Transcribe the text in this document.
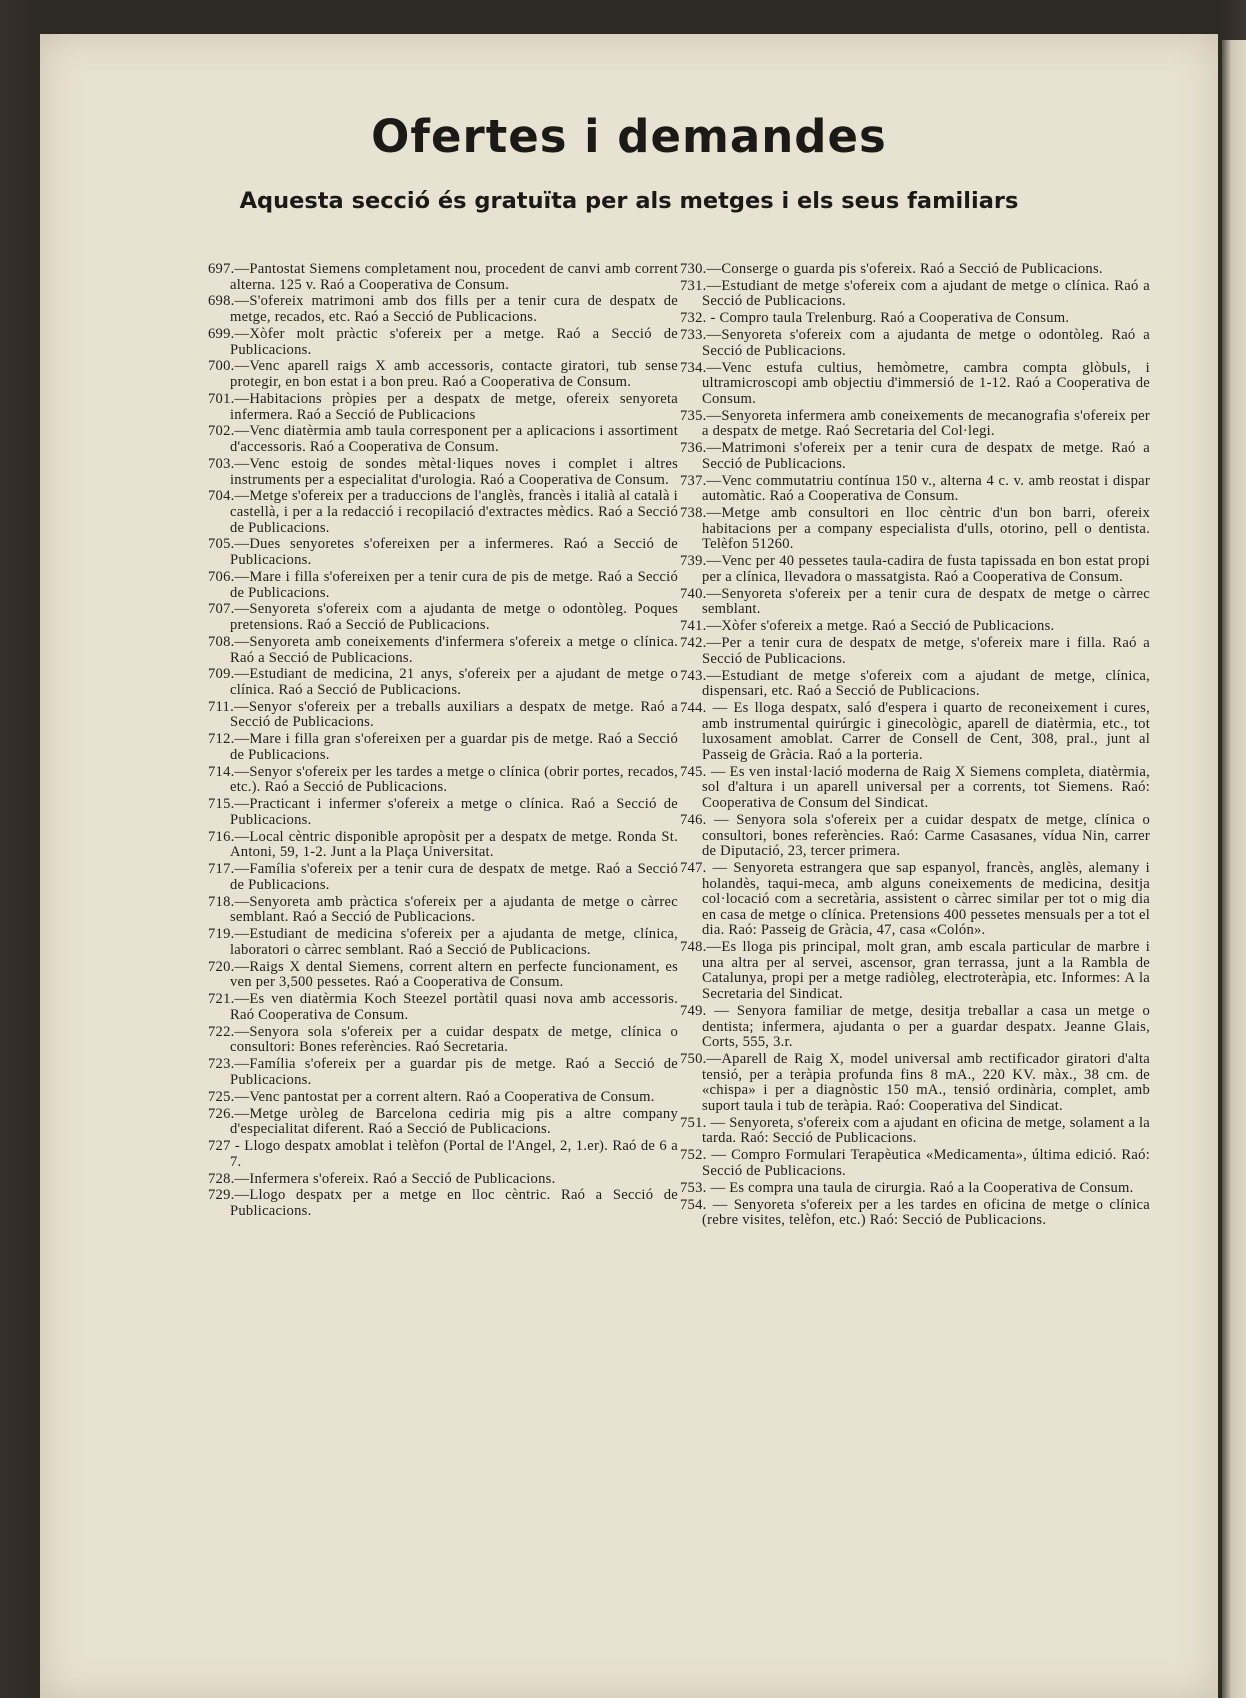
Ofertes i demandes
Aquesta secció és gratuïta per als metges i els seus familiars

697.—Pantostat Siemens completament nou, procedent de canvi amb corrent alterna. 125 v. Raó a Cooperativa de Consum.

698.—S'ofereix matrimoni amb dos fills per a tenir cura de despatx de metge, recados, etc. Raó a Secció de Publicacions.

699.—Xòfer molt pràctic s'ofereix per a metge. Raó a Secció de Publicacions.

700.—Venc aparell raigs X amb accessoris, contacte giratori, tub sense protegir, en bon estat i a bon preu. Raó a Cooperativa de Consum.

701.—Habitacions pròpies per a despatx de metge, ofereix senyoreta infermera. Raó a Secció de Publicacions

702.—Venc diatèrmia amb taula corresponent per a aplicacions i assortiment d'accessoris. Raó a Cooperativa de Consum.

703.—Venc estoig de sondes mètal·liques noves i complet i altres instruments per a especialitat d'urologia. Raó a Cooperativa de Consum.

704.—Metge s'ofereix per a traduccions de l'anglès, francès i italià al català i castellà, i per a la redacció i recopilació d'extractes mèdics. Raó a Secció de Publicacions.

705.—Dues senyoretes s'ofereixen per a infermeres. Raó a Secció de Publicacions.

706.—Mare i filla s'ofereixen per a tenir cura de pis de metge. Raó a Secció de Publicacions.

707.—Senyoreta s'ofereix com a ajudanta de metge o odontòleg. Poques pretensions. Raó a Secció de Publicacions.

708.—Senyoreta amb coneixements d'infermera s'ofereix a metge o clínica. Raó a Secció de Publicacions.

709.—Estudiant de medicina, 21 anys, s'ofereix per a ajudant de metge o clínica. Raó a Secció de Publicacions.

711.—Senyor s'ofereix per a treballs auxiliars a despatx de metge. Raó a Secció de Publicacions.

712.—Mare i filla gran s'ofereixen per a guardar pis de metge. Raó a Secció de Publicacions.

714.—Senyor s'ofereix per les tardes a metge o clínica (obrir portes, recados, etc.). Raó a Secció de Publicacions.

715.—Practicant i infermer s'ofereix a metge o clínica. Raó a Secció de Publicacions.

716.—Local cèntric disponible apropòsit per a despatx de metge. Ronda St. Antoni, 59, 1-2. Junt a la Plaça Universitat.

717.—Família s'ofereix per a tenir cura de despatx de metge. Raó a Secció de Publicacions.

718.—Senyoreta amb pràctica s'ofereix per a ajudanta de metge o càrrec semblant. Raó a Secció de Publicacions.

719.—Estudiant de medicina s'ofereix per a ajudanta de metge, clínica, laboratori o càrrec semblant. Raó a Secció de Publicacions.

720.—Raigs X dental Siemens, corrent altern en perfecte funcionament, es ven per 3,500 pessetes. Raó a Cooperativa de Consum.

721.—Es ven diatèrmia Koch Steezel portàtil quasi nova amb accessoris. Raó Cooperativa de Consum.

722.—Senyora sola s'ofereix per a cuidar despatx de metge, clínica o consultori: Bones referències. Raó Secretaria.

723.—Família s'ofereix per a guardar pis de metge. Raó a Secció de Publicacions.

725.—Venc pantostat per a corrent altern. Raó a Cooperativa de Consum.

726.—Metge uròleg de Barcelona cediria mig pis a altre company d'especialitat diferent. Raó a Secció de Publicacions.

727 - Llogo despatx amoblat i telèfon (Portal de l'Angel, 2, 1.er). Raó de 6 a 7.

728.—Infermera s'ofereix. Raó a Secció de Publicacions.

729.—Llogo despatx per a metge en lloc cèntric. Raó a Secció de Publicacions.

730.—Conserge o guarda pis s'ofereix. Raó a Secció de Publicacions.

731.—Estudiant de metge s'ofereix com a ajudant de metge o clínica. Raó a Secció de Publicacions.

732. - Compro taula Trelenburg. Raó a Cooperativa de Consum.

733.—Senyoreta s'ofereix com a ajudanta de metge o odontòleg. Raó a Secció de Publicacions.

734.—Venc estufa cultius, hemòmetre, cambra compta glòbuls, i ultramicroscopi amb objectiu d'immersió de 1-12. Raó a Cooperativa de Consum.

735.—Senyoreta infermera amb coneixements de mecanografia s'ofereix per a despatx de metge. Raó Secretaria del Col·legi.

736.—Matrimoni s'ofereix per a tenir cura de despatx de metge. Raó a Secció de Publicacions.

737.—Venc commutatriu contínua 150 v., alterna 4 c. v. amb reostat i dispar automàtic. Raó a Cooperativa de Consum.

738.—Metge amb consultori en lloc cèntric d'un bon barri, ofereix habitacions per a company especialista d'ulls, otorino, pell o dentista. Telèfon 51260.

739.—Venc per 40 pessetes taula-cadira de fusta tapissada en bon estat propi per a clínica, llevadora o massatgista. Raó a Cooperativa de Consum.

740.—Senyoreta s'ofereix per a tenir cura de despatx de metge o càrrec semblant.

741.—Xòfer s'ofereix a metge. Raó a Secció de Publicacions.

742.—Per a tenir cura de despatx de metge, s'ofereix mare i filla. Raó a Secció de Publicacions.

743.—Estudiant de metge s'ofereix com a ajudant de metge, clínica, dispensari, etc. Raó a Secció de Publicacions.

744. — Es lloga despatx, saló d'espera i quarto de reconeixement i cures, amb instrumental quirúrgic i ginecològic, aparell de diatèrmia, etc., tot luxosament amoblat. Carrer de Consell de Cent, 308, pral., junt al Passeig de Gràcia. Raó a la porteria.

745. — Es ven instal·lació moderna de Raig X Siemens completa, diatèrmia, sol d'altura i un aparell universal per a corrents, tot Siemens. Raó: Cooperativa de Consum del Sindicat.

746. — Senyora sola s'ofereix per a cuidar despatx de metge, clínica o consultori, bones referències. Raó: Carme Casasanes, vídua Nin, carrer de Diputació, 23, tercer primera.

747. — Senyoreta estrangera que sap espanyol, francès, anglès, alemany i holandès, taqui-meca, amb alguns coneixements de medicina, desitja col·locació com a secretària, assistent o càrrec similar per tot o mig dia en casa de metge o clínica. Pretensions 400 pessetes mensuals per a tot el dia. Raó: Passeig de Gràcia, 47, casa «Colón».

748.—Es lloga pis principal, molt gran, amb escala particular de marbre i una altra per al servei, ascensor, gran terrassa, junt a la Rambla de Catalunya, propi per a metge radiòleg, electroteràpia, etc. Informes: A la Secretaria del Sindicat.

749. — Senyora familiar de metge, desitja treballar a casa un metge o dentista; infermera, ajudanta o per a guardar despatx. Jeanne Glais, Corts, 555, 3.r.

750.—Aparell de Raig X, model universal amb rectificador giratori d'alta tensió, per a teràpia profunda fins 8 mA., 220 KV. màx., 38 cm. de «chispa» i per a diagnòstic 150 mA., tensió ordinària, complet, amb suport taula i tub de teràpia. Raó: Cooperativa del Sindicat.

751. — Senyoreta, s'ofereix com a ajudant en oficina de metge, solament a la tarda. Raó: Secció de Publicacions.

752. — Compro Formulari Terapèutica «Medicamenta», última edició. Raó: Secció de Publicacions.

753. — Es compra una taula de cirurgia. Raó a la Cooperativa de Consum.

754. — Senyoreta s'ofereix per a les tardes en oficina de metge o clínica (rebre visites, telèfon, etc.) Raó: Secció de Publicacions.
